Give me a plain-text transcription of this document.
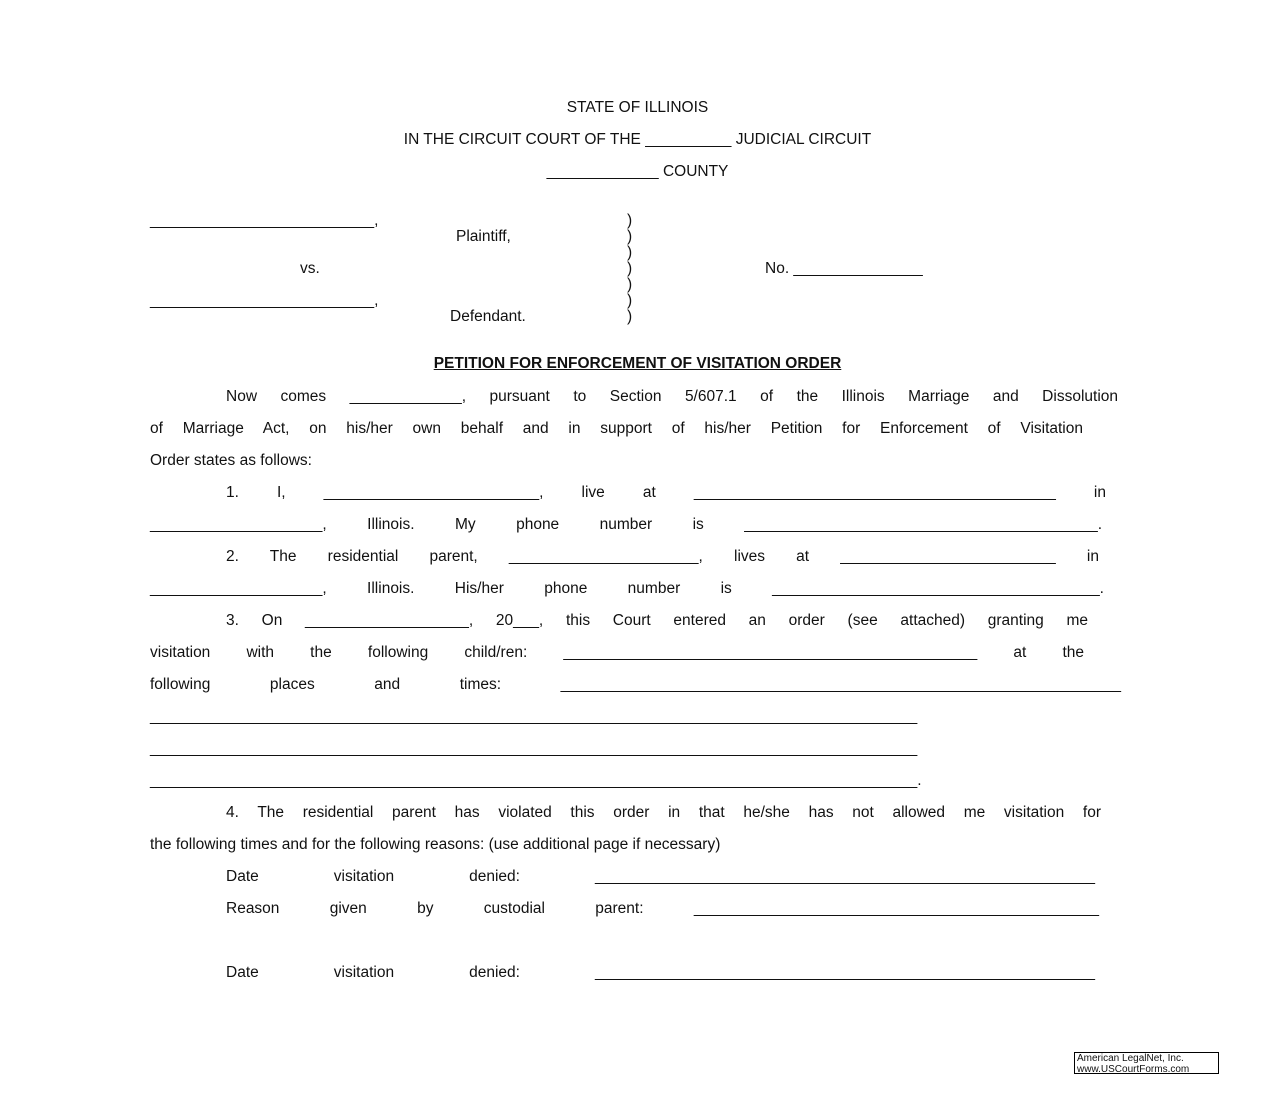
STATE OF ILLINOIS
IN THE CIRCUIT COURT OF THE __________ JUDICIAL CIRCUIT
_____________ COUNTY
__________________________,
Plaintiff,
vs.
__________________________,
Defendant.
)
)
)
)
)
)
)
No. _______________
PETITION FOR ENFORCEMENT OF VISITATION ORDER
Now comes _____________, pursuant to Section 5/607.1 of the Illinois Marriage and Dissolution
of Marriage Act, on his/her own behalf and in support of his/her Petition for Enforcement of Visitation
Order states as follows:
1. I, _________________________, live at __________________________________________ in
____________________, Illinois. My phone number is _________________________________________.
2. The residential parent, ______________________, lives at _________________________ in
____________________, Illinois. His/her phone number is ______________________________________.
3. On ___________________, 20___, this Court entered an order (see attached) granting me
visitation with the following child/ren: ________________________________________________ at the
following places and times: _________________________________________________________________
_________________________________________________________________________________________
_________________________________________________________________________________________
_________________________________________________________________________________________.
4. The residential parent has violated this order in that he/she has not allowed me visitation for
the following times and for the following reasons: (use additional page if necessary)
Date visitation denied: __________________________________________________________
Reason given by custodial parent: _______________________________________________
Date visitation denied: __________________________________________________________
American LegalNet, Inc.
www.USCourtForms.com
